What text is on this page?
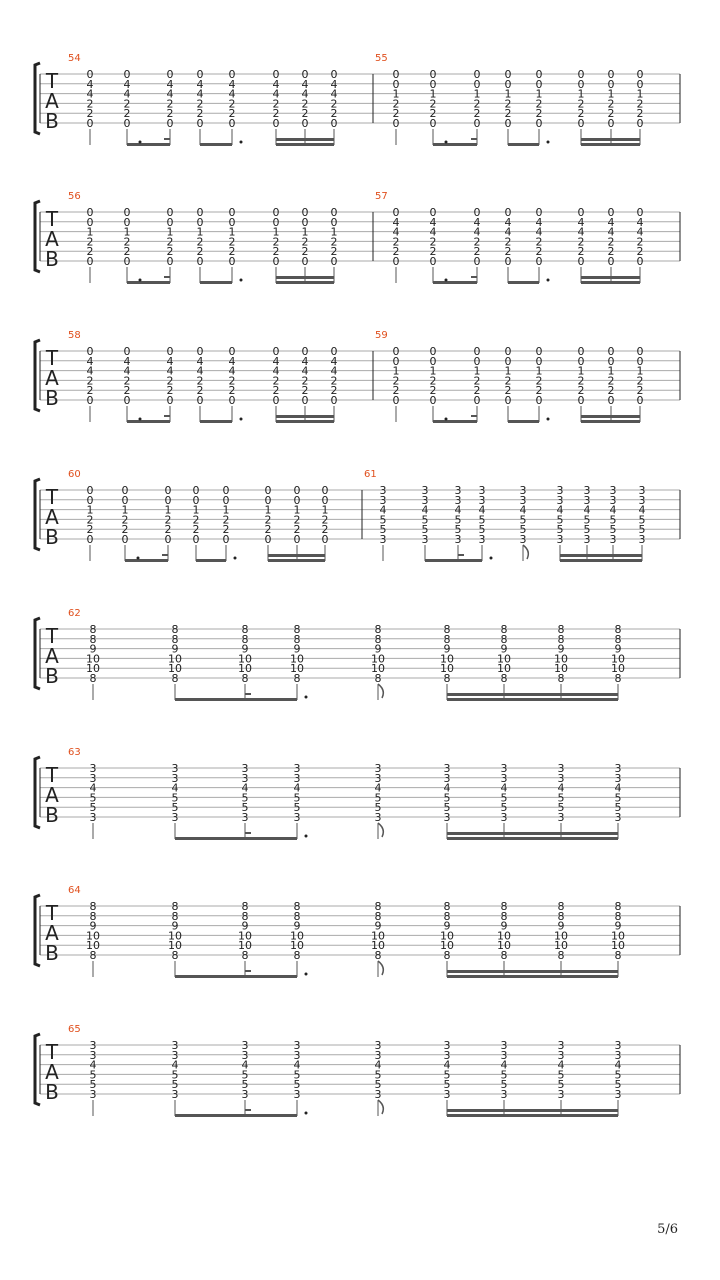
T
A
B
54
0
4
4
2
2
0
0
4
4
2
2
0
0
4
4
2
2
0
0
4
4
2
2
0
0
4
4
2
2
0
0
4
4
2
2
0
0
4
4
2
2
0
0
4
4
2
2
0
55
0
0
1
2
2
0
0
0
1
2
2
0
0
0
1
2
2
0
0
0
1
2
2
0
0
0
1
2
2
0
0
0
1
2
2
0
0
0
1
2
2
0
0
0
1
2
2
0
T
A
B
56
0
0
1
2
2
0
0
0
1
2
2
0
0
0
1
2
2
0
0
0
1
2
2
0
0
0
1
2
2
0
0
0
1
2
2
0
0
0
1
2
2
0
0
0
1
2
2
0
57
0
4
4
2
2
0
0
4
4
2
2
0
0
4
4
2
2
0
0
4
4
2
2
0
0
4
4
2
2
0
0
4
4
2
2
0
0
4
4
2
2
0
0
4
4
2
2
0
T
A
B
58
0
4
4
2
2
0
0
4
4
2
2
0
0
4
4
2
2
0
0
4
4
2
2
0
0
4
4
2
2
0
0
4
4
2
2
0
0
4
4
2
2
0
0
4
4
2
2
0
59
0
0
1
2
2
0
0
0
1
2
2
0
0
0
1
2
2
0
0
0
1
2
2
0
0
0
1
2
2
0
0
0
1
2
2
0
0
0
1
2
2
0
0
0
1
2
2
0
T
A
B
60
0
0
1
2
2
0
0
0
1
2
2
0
0
0
1
2
2
0
0
0
1
2
2
0
0
0
1
2
2
0
0
0
1
2
2
0
0
0
1
2
2
0
0
0
1
2
2
0
61
3
3
4
5
5
3
3
3
4
5
5
3
3
3
4
5
5
3
3
3
4
5
5
3
3
3
4
5
5
3
3
3
4
5
5
3
3
3
4
5
5
3
3
3
4
5
5
3
3
3
4
5
5
3
T
A
B
62
8
8
9
10
10
8
8
8
9
10
10
8
8
8
9
10
10
8
8
8
9
10
10
8
8
8
9
10
10
8
8
8
9
10
10
8
8
8
9
10
10
8
8
8
9
10
10
8
8
8
9
10
10
8
T
A
B
63
3
3
4
5
5
3
3
3
4
5
5
3
3
3
4
5
5
3
3
3
4
5
5
3
3
3
4
5
5
3
3
3
4
5
5
3
3
3
4
5
5
3
3
3
4
5
5
3
3
3
4
5
5
3
T
A
B
64
8
8
9
10
10
8
8
8
9
10
10
8
8
8
9
10
10
8
8
8
9
10
10
8
8
8
9
10
10
8
8
8
9
10
10
8
8
8
9
10
10
8
8
8
9
10
10
8
8
8
9
10
10
8
T
A
B
65
3
3
4
5
5
3
3
3
4
5
5
3
3
3
4
5
5
3
3
3
4
5
5
3
3
3
4
5
5
3
3
3
4
5
5
3
3
3
4
5
5
3
3
3
4
5
5
3
3
3
4
5
5
3
5/6
